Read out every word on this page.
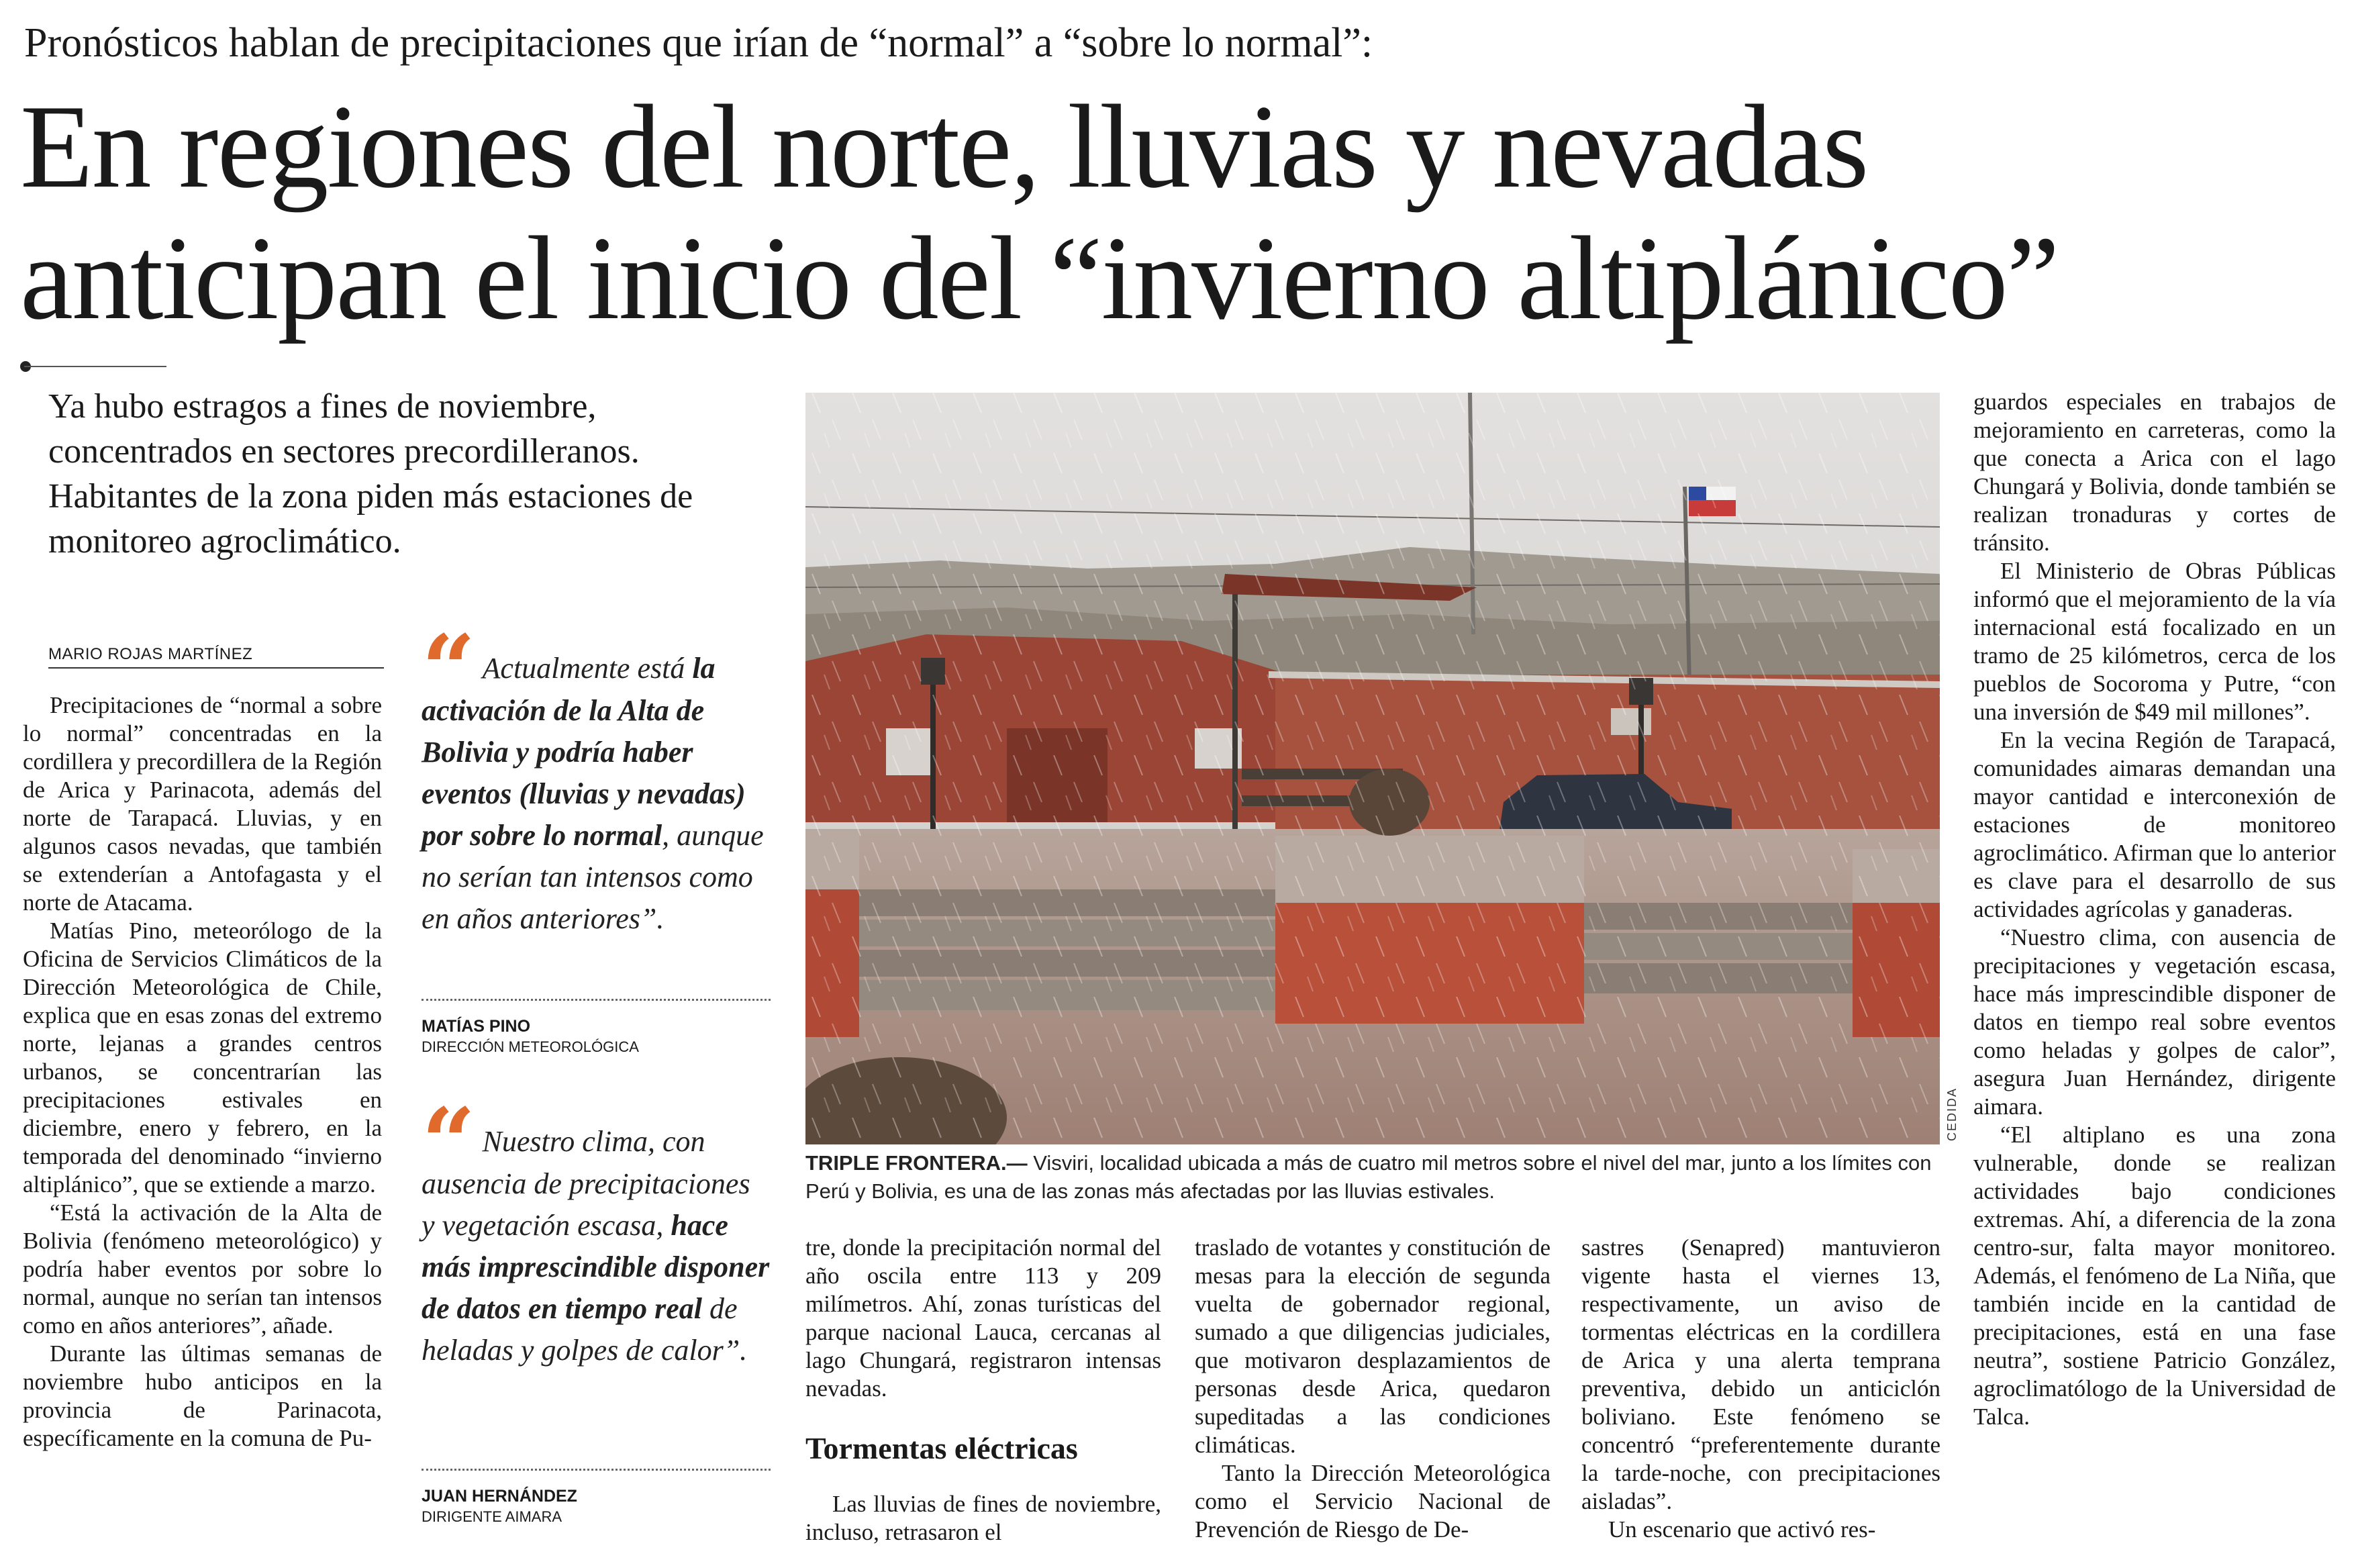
Pronósticos hablan de precipitaciones que irían de “normal” a “sobre lo normal”:
En regiones del norte, lluvias y nevadas
anticipan el inicio del “invierno altiplánico”
Ya hubo estragos a fines de noviembre, concentrados en sectores precordilleranos. Habitantes de la zona piden más estaciones de monitoreo agroclimático.
MARIO ROJAS MARTÍNEZ

Precipitaciones de “normal a sobre lo normal” concentradas en la cordillera y precordillera de la Región de Arica y Parinacota, además del norte de Tarapacá. Lluvias, y en algunos casos nevadas, que también se extenderían a Antofagasta y el norte de Atacama.

Matías Pino, meteorólogo de la Oficina de Servicios Climáticos de la Dirección Meteorológica de Chile, explica que en esas zonas del extremo norte, lejanas a grandes centros urbanos, se concentrarían las precipitaciones estivales en diciembre, enero y febrero, en la temporada del denominado “invierno altiplánico”, que se extiende a marzo.

“Está la activación de la Alta de Bolivia (fenómeno meteorológico) y podría haber eventos por sobre lo normal, aunque no serían tan intensos como en años anteriores”, añade.

Durante las últimas semanas de noviembre hubo anticipos en la provincia de Parinacota, específicamente en la comuna de Pu-

“ Actualmente está la activación de la Alta de Bolivia y podría haber eventos (lluvias y nevadas) por sobre lo normal, aunque no serían tan intensos como en años anteriores”.
MATÍAS PINO
DIRECCIÓN METEOROLÓGICA
“ Nuestro clima, con ausencia de precipitaciones y vegetación escasa, hace más imprescindible disponer de datos en tiempo real de heladas y golpes de calor”.
JUAN HERNÁNDEZ
DIRIGENTE AIMARA
CEDIDA
TRIPLE FRONTERA.— Visviri, localidad ubicada a más de cuatro mil metros sobre el nivel del mar, junto a los límites con Perú y Bolivia, es una de las zonas más afectadas por las lluvias estivales.

tre, donde la precipitación normal del año oscila entre 113 y 209 milímetros. Ahí, zonas turísticas del parque nacional Lauca, cercanas al lago Chungará, registraron intensas nevadas.

Tormentas eléctricas

Las lluvias de fines de noviembre, incluso, retrasaron el

traslado de votantes y constitución de mesas para la elección de segunda vuelta de gobernador regional, sumado a que diligencias judiciales, que motivaron desplazamientos de personas desde Arica, quedaron supeditadas a las condiciones climáticas.

Tanto la Dirección Meteorológica como el Servicio Nacional de Prevención de Riesgo de De-

sastres (Senapred) mantuvieron vigente hasta el viernes 13, respectivamente, un aviso de tormentas eléctricas en la cordillera de Arica y una alerta temprana preventiva, debido un anticiclón boliviano. Este fenómeno se concentró “preferentemente durante la tarde-noche, con precipitaciones aisladas”.

Un escenario que activó res-

guardos especiales en trabajos de mejoramiento en carreteras, como la que conecta a Arica con el lago Chungará y Bolivia, donde también se realizan tronaduras y cortes de tránsito.

El Ministerio de Obras Públicas informó que el mejoramiento de la vía internacional está focalizado en un tramo de 25 kilómetros, cerca de los pueblos de Socoroma y Putre, “con una inversión de $49 mil millones”.

En la vecina Región de Tarapacá, comunidades aimaras demandan una mayor cantidad e interconexión de estaciones de monitoreo agroclimático. Afirman que lo anterior es clave para el desarrollo de sus actividades agrícolas y ganaderas.

“Nuestro clima, con ausencia de precipitaciones y vegetación escasa, hace más imprescindible disponer de datos en tiempo real sobre eventos como heladas y golpes de calor”, asegura Juan Hernández, dirigente aimara.

“El altiplano es una zona vulnerable, donde se realizan actividades bajo condiciones extremas. Ahí, a diferencia de la zona centro-sur, falta mayor monitoreo. Además, el fenómeno de La Niña, que también incide en la cantidad de precipitaciones, está en una fase neutra”, sostiene Patricio González, agroclimatólogo de la Universidad de Talca.
